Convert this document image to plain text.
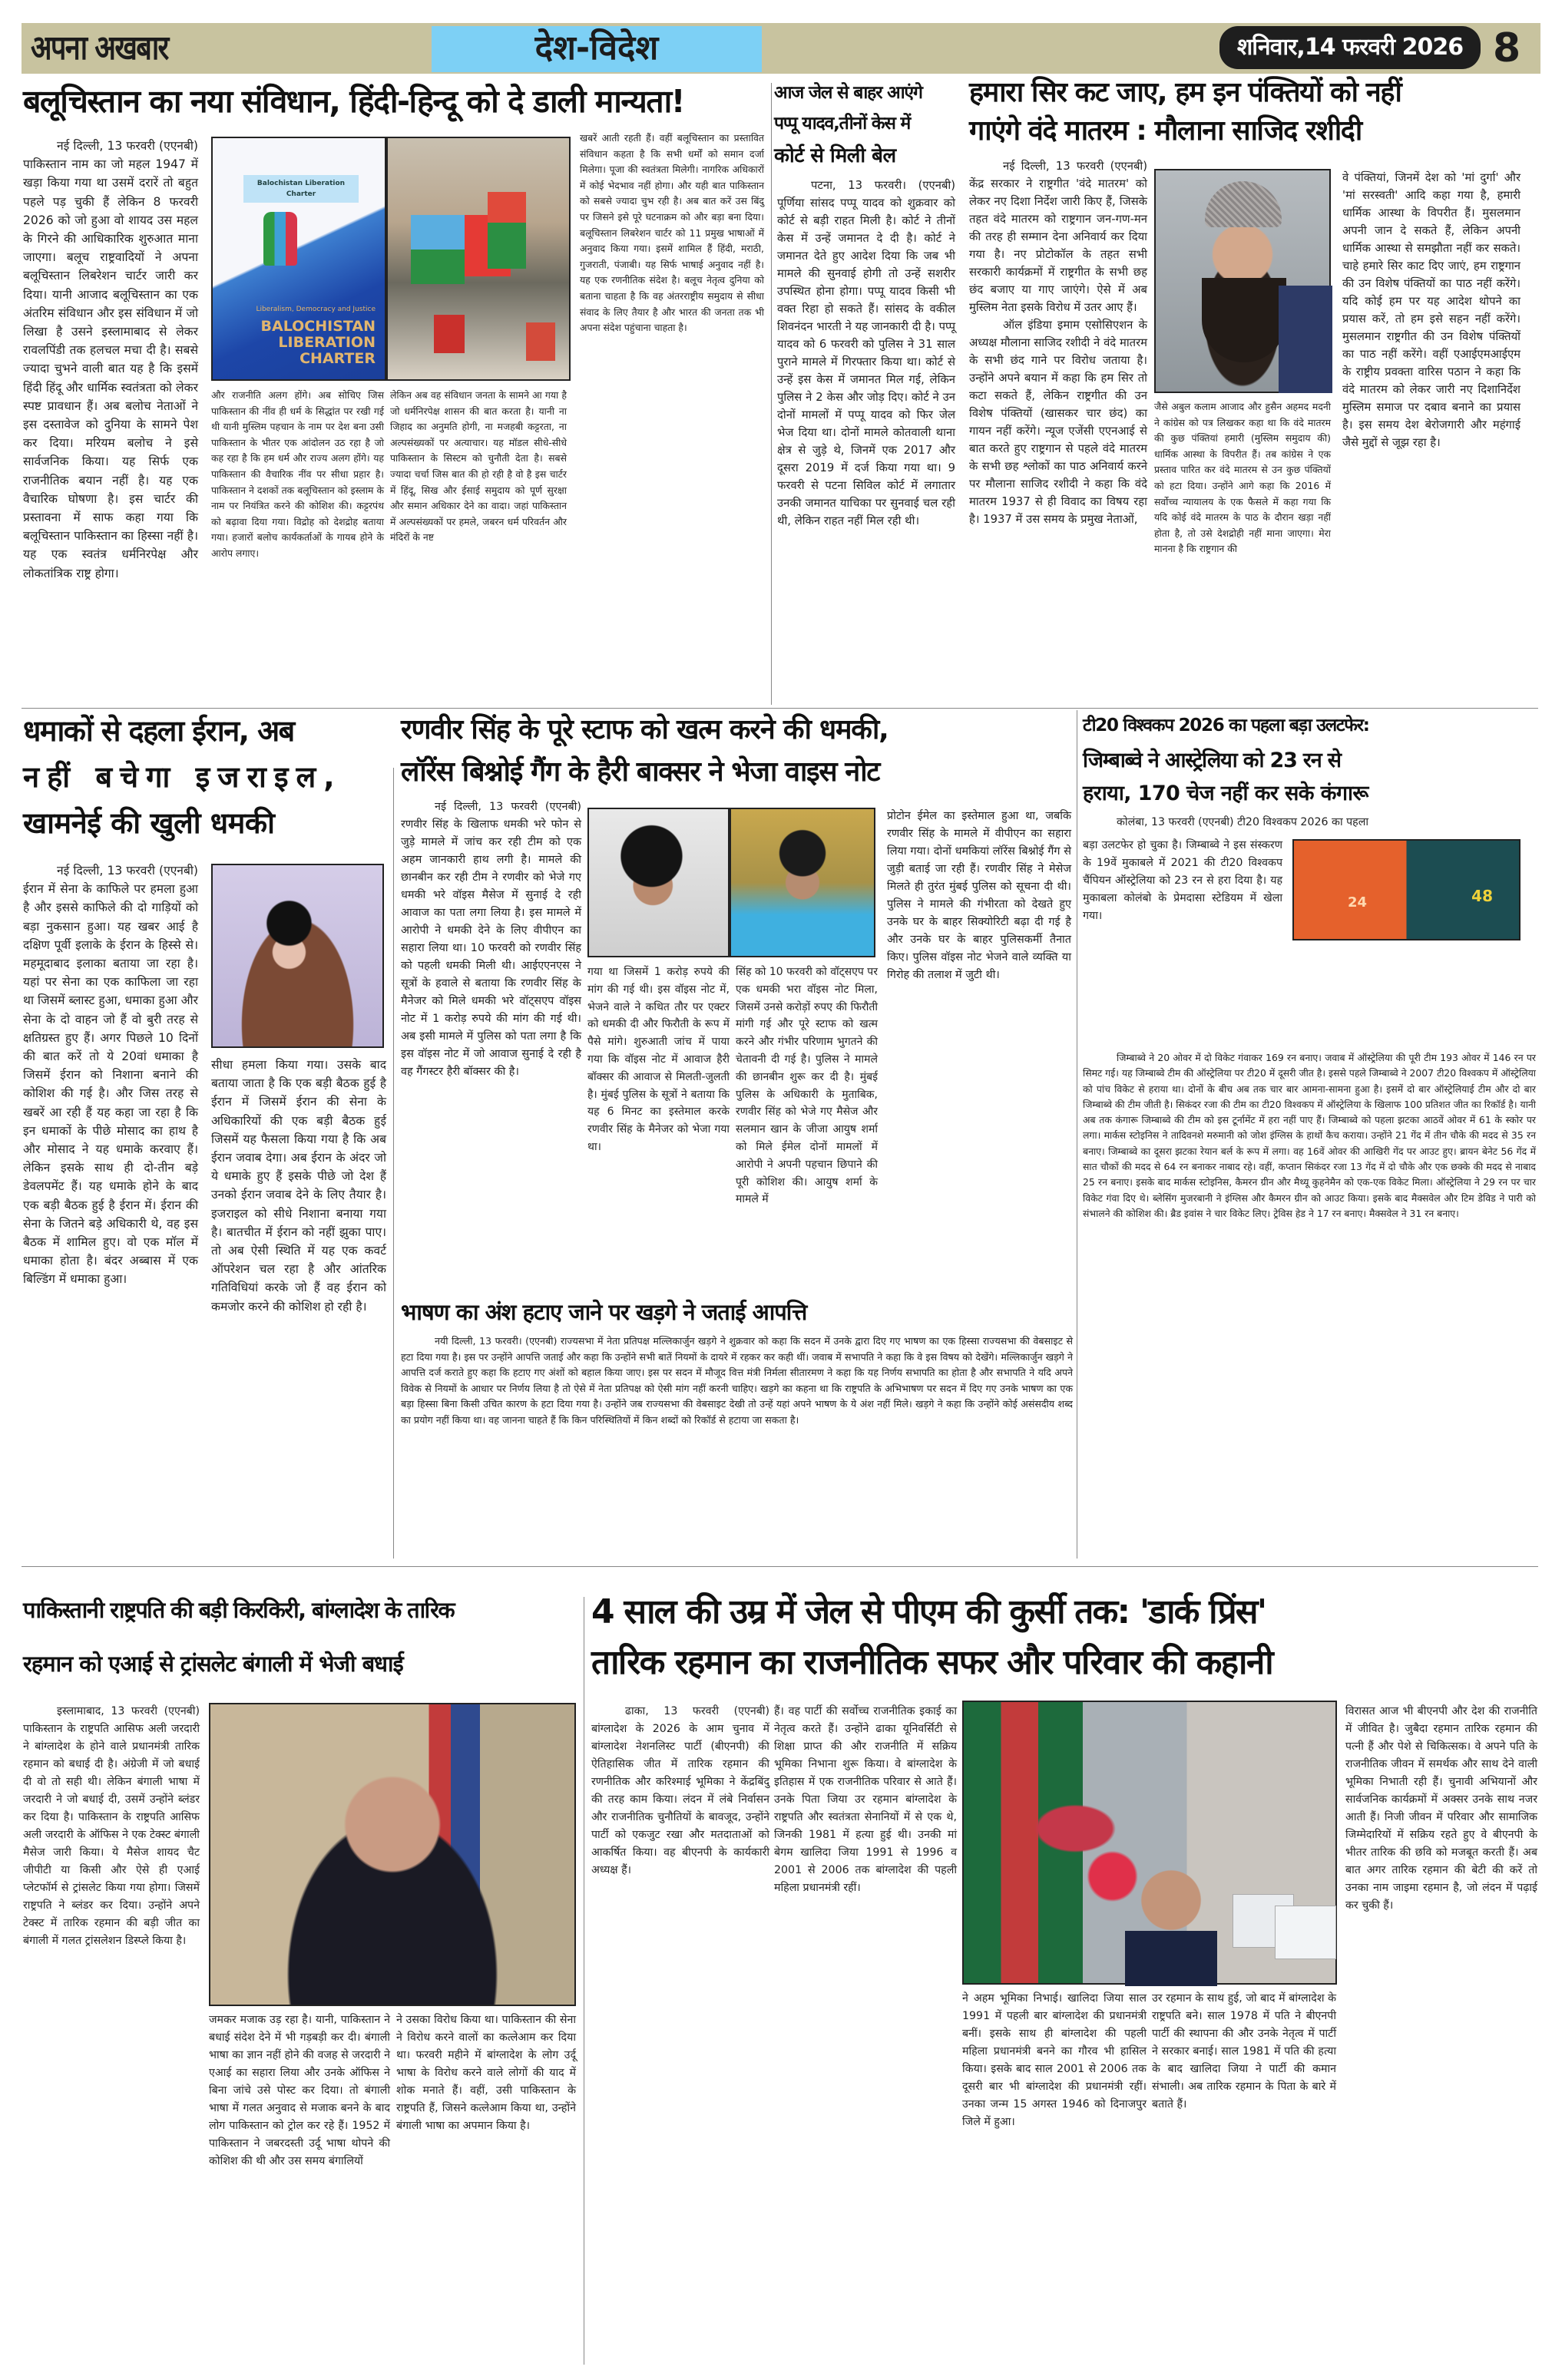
अपना अखबार	देश-विदेश	शनिवार,14 फरवरी 2026 8
बलूचिस्तान का नया संविधान, हिंदी-हिन्दू को दे डाली मान्यता!

नई दिल्ली, 13 फरवरी (एएनबी) पाकिस्तान नाम का जो महल 1947 में खड़ा किया गया था उसमें दरारें तो बहुत पहले पड़ चुकी हैं लेकिन 8 फरवरी 2026 को जो हुआ वो शायद उस महल के गिरने की आधिकारिक शुरुआत माना जाएगा। बलूच राष्ट्रवादियों ने अपना बलूचिस्तान लिबरेशन चार्टर जारी कर दिया। यानी आजाद बलूचिस्तान का एक अंतरिम संविधान और इस संविधान में जो लिखा है उसने इस्लामाबाद से लेकर रावलपिंडी तक हलचल मचा दी है। सबसे ज्यादा चुभने वाली बात यह है कि इसमें हिंदी हिंदू और धार्मिक स्वतंत्रता को लेकर स्पष्ट प्रावधान हैं। अब बलोच नेताओं ने इस दस्तावेज को दुनिया के सामने पेश कर दिया। मरियम बलोच ने इसे सार्वजनिक किया। यह सिर्फ एक राजनीतिक बयान नहीं है। यह एक वैचारिक घोषणा है। इस चार्टर की प्रस्तावना में साफ कहा गया कि बलूचिस्तान पाकिस्तान का हिस्सा नहीं है। यह एक स्वतंत्र धर्मनिरपेक्ष और लोकतांत्रिक राष्ट्र होगा।

Balochistan Liberation Charter
Liberalism, Democracy and Justice
BALOCHISTAN LIBERATION CHARTER

और राजनीति अलग होंगे। अब सोचिए जिस पाकिस्तान की नींव ही धर्म के सिद्धांत पर रखी गई थी यानी मुस्लिम पहचान के नाम पर देश बना उसी पाकिस्तान के भीतर एक आंदोलन उठ रहा है जो कह रहा है कि हम धर्म और राज्य अलग होंगे। यह पाकिस्तान की वैचारिक नींव पर सीधा प्रहार है। पाकिस्तान ने दशकों तक बलूचिस्तान को इस्लाम के नाम पर नियंत्रित करने की कोशिश की। कट्टरपंथ को बढ़ावा दिया गया। विद्रोह को देशद्रोह बताया गया। हजारों बलोच कार्यकर्ताओं के गायब होने के आरोप लगाए।

लेकिन अब वह संविधान जनता के सामने आ गया है जो धर्मनिरपेक्ष शासन की बात करता है। यानी ना जिहाद का अनुमति होगी, ना मजहबी कट्टरता, ना अल्पसंख्यकों पर अत्याचार। यह मॉडल सीधे-सीधे पाकिस्तान के सिस्टम को चुनौती देता है। सबसे ज्यादा चर्चा जिस बात की हो रही है वो है इस चार्टर में हिंदू, सिख और ईसाई समुदाय को पूर्ण सुरक्षा और समान अधिकार देने का वादा। जहां पाकिस्तान में अल्पसंख्यकों पर हमले, जबरन धर्म परिवर्तन और मंदिरों के नष्ट

खबरें आती रहती हैं। वहीं बलूचिस्तान का प्रस्तावित संविधान कहता है कि सभी धर्मों को समान दर्जा मिलेगा। पूजा की स्वतंत्रता मिलेगी। नागरिक अधिकारों में कोई भेदभाव नहीं होगा। और यही बात पाकिस्तान को सबसे ज्यादा चुभ रही है। अब बात करें उस बिंदु पर जिसने इसे पूरे घटनाक्रम को और बड़ा बना दिया। बलूचिस्तान लिबरेशन चार्टर को 11 प्रमुख भाषाओं में अनुवाद किया गया। इसमें शामिल हैं हिंदी, मराठी, गुजराती, पंजाबी। यह सिर्फ भाषाई अनुवाद नहीं है। यह एक रणनीतिक संदेश है। बलूच नेतृत्व दुनिया को बताना चाहता है कि वह अंतरराष्ट्रीय समुदाय से सीधा संवाद के लिए तैयार है और भारत की जनता तक भी अपना संदेश पहुंचाना चाहता है।

आज जेल से बाहर आएंगे
पप्पू यादव,तीनों केस में
कोर्ट से मिली बेल

पटना, 13 फरवरी। (एएनबी) पूर्णिया सांसद पप्पू यादव को शुक्रवार को कोर्ट से बड़ी राहत मिली है। कोर्ट ने तीनों केस में उन्हें जमानत दे दी है। कोर्ट ने जमानत देते हुए आदेश दिया कि जब भी मामले की सुनवाई होगी तो उन्हें सशरीर उपस्थित होना होगा। पप्पू यादव किसी भी वक्त रिहा हो सकते हैं। सांसद के वकील शिवनंदन भारती ने यह जानकारी दी है। पप्पू यादव को 6 फरवरी को पुलिस ने 31 साल पुराने मामले में गिरफ्तार किया था। कोर्ट से उन्हें इस केस में जमानत मिल गई, लेकिन पुलिस ने 2 केस और जोड़ दिए। कोर्ट ने उन दोनों मामलों में पप्पू यादव को फिर जेल भेज दिया था। दोनों मामले कोतवाली थाना क्षेत्र से जुड़े थे, जिनमें एक 2017 और दूसरा 2019 में दर्ज किया गया था। 9 फरवरी से पटना सिविल कोर्ट में लगातार उनकी जमानत याचिका पर सुनवाई चल रही थी, लेकिन राहत नहीं मिल रही थी।

हमारा सिर कट जाए, हम इन पंक्तियों को नहीं
गाएंगे वंदे मातरम : मौलाना साजिद रशीदी

नई दिल्ली, 13 फरवरी (एएनबी) केंद्र सरकार ने राष्ट्रगीत 'वंदे मातरम' को लेकर नए दिशा निर्देश जारी किए हैं, जिसके तहत वंदे मातरम को राष्ट्रगान जन-गण-मन की तरह ही सम्मान देना अनिवार्य कर दिया गया है। नए प्रोटोकॉल के तहत सभी सरकारी कार्यक्रमों में राष्ट्रगीत के सभी छह छंद बजाए या गाए जाएंगे। ऐसे में अब मुस्लिम नेता इसके विरोध में उतर आए हैं।

ऑल इंडिया इमाम एसोसिएशन के अध्यक्ष मौलाना साजिद रशीदी ने वंदे मातरम के सभी छंद गाने पर विरोध जताया है। उन्होंने अपने बयान में कहा कि हम सिर तो कटा सकते हैं, लेकिन राष्ट्रगीत की उन विशेष पंक्तियों (खासकर चार छंद) का गायन नहीं करेंगे। न्यूज एजेंसी एएनआई से बात करते हुए राष्ट्रगान से पहले वंदे मातरम के सभी छह श्लोकों का पाठ अनिवार्य करने पर मौलाना साजिद रशीदी ने कहा कि वंदे मातरम 1937 से ही विवाद का विषय रहा है। 1937 में उस समय के प्रमुख नेताओं,

जैसे अबुल कलाम आजाद और हुसैन अहमद मदनी ने कांग्रेस को पत्र लिखकर कहा था कि वंदे मातरम की कुछ पंक्तियां हमारी (मुस्लिम समुदाय की) धार्मिक आस्था के विपरीत हैं। तब कांग्रेस ने एक प्रस्ताव पारित कर वंदे मातरम से उन कुछ पंक्तियों को हटा दिया। उन्होंने आगे कहा कि 2016 में सर्वोच्च न्यायालय के एक फैसले में कहा गया कि यदि कोई वंदे मातरम के पाठ के दौरान खड़ा नहीं होता है, तो उसे देशद्रोही नहीं माना जाएगा। मेरा मानना है कि राष्ट्रगान की

वे पंक्तियां, जिनमें देश को 'मां दुर्गा' और 'मां सरस्वती' आदि कहा गया है, हमारी धार्मिक आस्था के विपरीत हैं। मुसलमान अपनी जान दे सकते हैं, लेकिन अपनी धार्मिक आस्था से समझौता नहीं कर सकते। चाहे हमारे सिर काट दिए जाएं, हम राष्ट्रगान की उन विशेष पंक्तियों का पाठ नहीं करेंगे। यदि कोई हम पर यह आदेश थोपने का प्रयास करें, तो हम इसे सहन नहीं करेंगे। मुसलमान राष्ट्रगीत की उन विशेष पंक्तियों का पाठ नहीं करेंगे। वहीं एआईएमआईएम के राष्ट्रीय प्रवक्ता वारिस पठान ने कहा कि वंदे मातरम को लेकर जारी नए दिशानिर्देश मुस्लिम समाज पर दबाव बनाने का प्रयास है। इस समय देश बेरोजगारी और महंगाई जैसे मुद्दों से जूझ रहा है।

धमाकों से दहला ईरान, अब
नहीं बचेगा इजराइल,
खामनेई की खुली धमकी

नई दिल्ली, 13 फरवरी (एएनबी) ईरान में सेना के काफिले पर हमला हुआ है और इससे काफिले की दो गाड़ियों को बड़ा नुकसान हुआ। यह खबर आई है दक्षिण पूर्वी इलाके के ईरान के हिस्से से। महमूदाबाद इलाका बताया जा रहा है। यहां पर सेना का एक काफिला जा रहा था जिसमें ब्लास्ट हुआ, धमाका हुआ और सेना के दो वाहन जो हैं वो बुरी तरह से क्षतिग्रस्त हुए हैं। अगर पिछले 10 दिनों की बात करें तो ये 20वां धमाका है जिसमें ईरान को निशाना बनाने की कोशिश की गई है। और जिस तरह से खबरें आ रही हैं यह कहा जा रहा है कि इन धमाकों के पीछे मोसाद का हाथ है और मोसाद ने यह धमाके करवाए हैं। लेकिन इसके साथ ही दो-तीन बड़े डेवलपमेंट हैं। यह धमाके होने के बाद एक बड़ी बैठक हुई है ईरान में। ईरान की सेना के जितने बड़े अधिकारी थे, वह इस बैठक में शामिल हुए। वो एक मॉल में धमाका होता है। बंदर अब्बास में एक बिल्डिंग में धमाका हुआ।

सीधा हमला किया गया। उसके बाद बताया जाता है कि एक बड़ी बैठक हुई है ईरान में जिसमें ईरान की सेना के अधिकारियों की एक बड़ी बैठक हुई जिसमें यह फैसला किया गया है कि अब ईरान जवाब देगा। अब ईरान के अंदर जो ये धमाके हुए हैं इसके पीछे जो देश हैं उनको ईरान जवाब देने के लिए तैयार है। इजराइल को सीधे निशाना बनाया गया है। बातचीत में ईरान को नहीं झुका पाए। तो अब ऐसी स्थिति में यह एक कवर्ट ऑपरेशन चल रहा है और आंतरिक गतिविधियां करके जो हैं वह ईरान को कमजोर करने की कोशिश हो रही है।

रणवीर सिंह के पूरे स्टाफ को खत्म करने की धमकी,
लॉरेंस बिश्नोई गैंग के हैरी बाक्सर ने भेजा वाइस नोट

नई दिल्ली, 13 फरवरी (एएनबी) रणवीर सिंह के खिलाफ धमकी भरे फोन से जुड़े मामले में जांच कर रही टीम को एक अहम जानकारी हाथ लगी है। मामले की छानबीन कर रही टीम ने रणवीर को भेजे गए धमकी भरे वॉइस मैसेज में सुनाई दे रही आवाज का पता लगा लिया है। इस मामले में आरोपी ने धमकी देने के लिए वीपीएन का सहारा लिया था। 10 फरवरी को रणवीर सिंह को पहली धमकी मिली थी। आईएएनएस ने सूत्रों के हवाले से बताया कि रणवीर सिंह के मैनेजर को मिले धमकी भरे वॉट्सएप वॉइस नोट में 1 करोड़ रुपये की मांग की गई थी। अब इसी मामले में पुलिस को पता लगा है कि इस वॉइस नोट में जो आवाज सुनाई दे रही है वह गैंगस्टर हैरी बॉक्सर की है।

गया था जिसमें 1 करोड़ रुपये की मांग की गई थी। इस वॉइस नोट में, भेजने वाले ने कथित तौर पर एक्टर को धमकी दी और फिरौती के रूप में पैसे मांगे। शुरुआती जांच में पाया गया कि वॉइस नोट में आवाज हैरी बॉक्सर की आवाज से मिलती-जुलती है। मुंबई पुलिस के सूत्रों ने बताया कि यह 6 मिनट का इस्तेमाल करके रणवीर सिंह के मैनेजर को भेजा गया था।

सिंह को 10 फरवरी को वॉट्सएप पर एक धमकी भरा वॉइस नोट मिला, जिसमें उनसे करोड़ों रुपए की फिरौती मांगी गई और पूरे स्टाफ को खत्म करने और गंभीर परिणाम भुगतने की चेतावनी दी गई है। पुलिस ने मामले की छानबीन शुरू कर दी है। मुंबई पुलिस के अधिकारी के मुताबिक, रणवीर सिंह को भेजे गए मैसेज और सलमान खान के जीजा आयुष शर्मा को मिले ईमेल दोनों मामलों में आरोपी ने अपनी पहचान छिपाने की पूरी कोशिश की। आयुष शर्मा के मामले में

प्रोटोन ईमेल का इस्तेमाल हुआ था, जबकि रणवीर सिंह के मामले में वीपीएन का सहारा लिया गया। दोनों धमकियां लॉरेंस बिश्नोई गैंग से जुड़ी बताई जा रही हैं। रणवीर सिंह ने मेसेज मिलते ही तुरंत मुंबई पुलिस को सूचना दी थी। पुलिस ने मामले की गंभीरता को देखते हुए उनके घर के बाहर सिक्योरिटी बढ़ा दी गई है और उनके घर के बाहर पुलिसकर्मी तैनात किए। पुलिस वॉइस नोट भेजने वाले व्यक्ति या गिरोह की तलाश में जुटी थी।

भाषण का अंश हटाए जाने पर खड़गे ने जताई आपत्ति

नयी दिल्ली, 13 फरवरी। (एएनबी) राज्यसभा में नेता प्रतिपक्ष मल्लिकार्जुन खड़गे ने शुक्रवार को कहा कि सदन में उनके द्वारा दिए गए भाषण का एक हिस्सा राज्यसभा की वेबसाइट से हटा दिया गया है। इस पर उन्होंने आपत्ति जताई और कहा कि उन्होंने सभी बातें नियमों के दायरे में रहकर कर कही थीं। जवाब में सभापति ने कहा कि वे इस विषय को देखेंगे। मल्लिकार्जुन खड़गे ने आपत्ति दर्ज कराते हुए कहा कि हटाए गए अंशों को बहाल किया जाए। इस पर सदन में मौजूद वित्त मंत्री निर्मला सीतारमण ने कहा कि यह निर्णय सभापति का होता है और सभापति ने यदि अपने विवेक से नियमों के आधार पर निर्णय लिया है तो ऐसे में नेता प्रतिपक्ष को ऐसी मांग नहीं करनी चाहिए। खड़गे का कहना था कि राष्ट्रपति के अभिभाषण पर सदन में दिए गए उनके भाषण का एक बड़ा हिस्सा बिना किसी उचित कारण के हटा दिया गया है। उन्होंने जब राज्यसभा की वेबसाइट देखी तो उन्हें यहां अपने भाषण के ये अंश नहीं मिले। खड़गे ने कहा कि उन्होंने कोई असंसदीय शब्द का प्रयोग नहीं किया था। वह जानना चाहते हैं कि किन परिस्थितियों में किन शब्दों को रिकॉर्ड से हटाया जा सकता है।

टी20 विश्वकप 2026 का पहला बड़ा उलटफेर:
जिम्बाब्वे ने आस्ट्रेलिया को 23 रन से
हराया, 170 चेज नहीं कर सके कंगारू

कोलंबा, 13 फरवरी (एएनबी) टी20 विश्वकप 2026 का पहला

बड़ा उलटफेर हो चुका है। जिम्बाब्वे ने इस संस्करण के 19वें मुकाबले में 2021 की टी20 विश्वकप चैंपियन ऑस्ट्रेलिया को 23 रन से हरा दिया है। यह मुकाबला कोलंबो के प्रेमदासा स्टेडियम में खेला गया।

48
24

जिम्बाब्वे ने 20 ओवर में दो विकेट गंवाकर 169 रन बनाए। जवाब में ऑस्ट्रेलिया की पूरी टीम 193 ओवर में 146 रन पर सिमट गई। यह जिम्बाब्वे टीम की ऑस्ट्रेलिया पर टी20 में दूसरी जीत है। इससे पहले जिम्बाब्वे ने 2007 टी20 विश्वकप में ऑस्ट्रेलिया को पांच विकेट से हराया था। दोनों के बीच अब तक चार बार आमना-सामना हुआ है। इसमें दो बार ऑस्ट्रेलियाई टीम और दो बार जिम्बाब्वे की टीम जीती है। सिकंदर रजा की टीम का टी20 विश्वकप में ऑस्ट्रेलिया के खिलाफ 100 प्रतिशत जीत का रिकॉर्ड है। यानी अब तक कंगारू जिम्बाब्वे की टीम को इस टूर्नामेंट में हरा नहीं पाए हैं। जिम्बाब्वे को पहला झटका आठवें ओवर में 61 के स्कोर पर लगा। मार्कस स्टोइनिस ने तादिवनशे मरुमानी को जोश इंग्लिस के हाथों कैच कराया। उन्होंने 21 गेंद में तीन चौके की मदद से 35 रन बनाए। जिम्बाब्वे का दूसरा झटका रेयान बर्ल के रूप में लगा। वह 16वें ओवर की आखिरी गेंद पर आउट हुए। ब्रायन बेनेट 56 गेंद में सात चौकों की मदद से 64 रन बनाकर नाबाद रहे। वहीं, कप्तान सिकंदर रजा 13 गेंद में दो चौके और एक छक्के की मदद से नाबाद 25 रन बनाए। इसके बाद मार्कस स्टोइनिस, कैमरन ग्रीन और मैथ्यू कुहनेमैन को एक-एक विकेट मिला। ऑस्ट्रेलिया ने 29 रन पर चार विकेट गंवा दिए थे। ब्लेसिंग मुजरबानी ने इंग्लिस और कैमरन ग्रीन को आउट किया। इसके बाद मैक्सवेल और टिम डेविड ने पारी को संभालने की कोशिश की। ब्रैड इवांस ने चार विकेट लिए। ट्रेविस हेड ने 17 रन बनाए। मैक्सवेल ने 31 रन बनाए।

पाकिस्तानी राष्ट्रपति की बड़ी किरकिरी, बांग्लादेश के तारिक
रहमान को एआई से ट्रांसलेट बंगाली में भेजी बधाई

इस्लामाबाद, 13 फरवरी (एएनबी) पाकिस्तान के राष्ट्रपति आसिफ अली जरदारी ने बांग्लादेश के होने वाले प्रधानमंत्री तारिक रहमान को बधाई दी है। अंग्रेजी में जो बधाई दी वो तो सही थी। लेकिन बंगाली भाषा में जरदारी ने जो बधाई दी, उसमें उन्होंने ब्लंडर कर दिया है। पाकिस्तान के राष्ट्रपति आसिफ अली जरदारी के ऑफिस ने एक टेक्स्ट बंगाली मैसेज जारी किया। ये मैसेज शायद चैट जीपीटी या किसी और ऐसे ही एआई प्लेटफॉर्म से ट्रांसलेट किया गया होगा। जिसमें राष्ट्रपति ने ब्लंडर कर दिया। उन्होंने अपने टेक्स्ट में तारिक रहमान की बड़ी जीत का बंगाली में गलत ट्रांसलेशन डिस्प्ले किया है।

जमकर मजाक उड़ रहा है। यानी, पाकिस्तान ने बधाई संदेश देने में भी गड़बड़ी कर दी। बंगाली भाषा का ज्ञान नहीं होने की वजह से जरदारी ने एआई का सहारा लिया और उनके ऑफिस ने बिना जांचे उसे पोस्ट कर दिया। तो बंगाली भाषा में गलत अनुवाद से मजाक बनने के बाद लोग पाकिस्तान को ट्रोल कर रहे हैं। 1952 में पाकिस्तान ने जबरदस्ती उर्दू भाषा थोपने की कोशिश की थी और उस समय बंगालियों

ने उसका विरोध किया था। पाकिस्तान की सेना ने विरोध करने वालों का कत्लेआम कर दिया था। फरवरी महीने में बांग्लादेश के लोग उर्दू भाषा के विरोध करने वाले लोगों की याद में शोक मनाते हैं। वहीं, उसी पाकिस्तान के राष्ट्रपति हैं, जिसने कत्लेआम किया था, उन्होंने बंगाली भाषा का अपमान किया है।

4 साल की उम्र में जेल से पीएम की कुर्सी तक: 'डार्क प्रिंस'
तारिक रहमान का राजनीतिक सफर और परिवार की कहानी

ढाका, 13 फरवरी (एएनबी) बांग्लादेश के 2026 के आम चुनाव में बांग्लादेश नेशनलिस्ट पार्टी (बीएनपी) की ऐतिहासिक जीत में तारिक रहमान की रणनीतिक और करिश्माई भूमिका ने केंद्रबिंदु की तरह काम किया। लंदन में लंबे निर्वासन और राजनीतिक चुनौतियों के बावजूद, उन्होंने पार्टी को एकजुट रखा और मतदाताओं को आकर्षित किया। वह बीएनपी के कार्यकारी अध्यक्ष हैं।

हैं। वह पार्टी की सर्वोच्च राजनीतिक इकाई का नेतृत्व करते हैं। उन्होंने ढाका यूनिवर्सिटी से शिक्षा प्राप्त की और राजनीति में सक्रिय भूमिका निभाना शुरू किया। वे बांग्लादेश के इतिहास में एक राजनीतिक परिवार से आते हैं। उनके पिता जिया उर रहमान बांग्लादेश के राष्ट्रपति और स्वतंत्रता सेनानियों में से एक थे, जिनकी 1981 में हत्या हुई थी। उनकी मां बेगम खालिदा जिया 1991 से 1996 व 2001 से 2006 तक बांग्लादेश की पहली महिला प्रधानमंत्री रहीं।

ने अहम भूमिका निभाई। खालिदा जिया साल 1991 में पहली बार बांग्लादेश की प्रधानमंत्री बनीं। इसके साथ ही बांग्लादेश की पहली महिला प्रधानमंत्री बनने का गौरव भी हासिल किया। इसके बाद साल 2001 से 2006 तक दूसरी बार भी बांग्लादेश की प्रधानमंत्री रहीं। उनका जन्म 15 अगस्त 1946 को दिनाजपुर जिले में हुआ।

उर रहमान के साथ हुई, जो बाद में बांग्लादेश के राष्ट्रपति बने। साल 1978 में पति ने बीएनपी पार्टी की स्थापना की और उनके नेतृत्व में पार्टी ने सरकार बनाई। साल 1981 में पति की हत्या के बाद खालिदा जिया ने पार्टी की कमान संभाली। अब तारिक रहमान के पिता के बारे में बताते हैं।

विरासत आज भी बीएनपी और देश की राजनीति में जीवित है। जुबैदा रहमान तारिक रहमान की पत्नी हैं और पेशे से चिकित्सक। वे अपने पति के राजनीतिक जीवन में समर्थक और साथ देने वाली भूमिका निभाती रही हैं। चुनावी अभियानों और सार्वजनिक कार्यक्रमों में अक्सर उनके साथ नजर आती हैं। निजी जीवन में परिवार और सामाजिक जिम्मेदारियों में सक्रिय रहते हुए वे बीएनपी के भीतर तारिक की छवि को मजबूत करती हैं। अब बात अगर तारिक रहमान की बेटी की करें तो उनका नाम जाइमा रहमान है, जो लंदन में पढ़ाई कर चुकी हैं।
